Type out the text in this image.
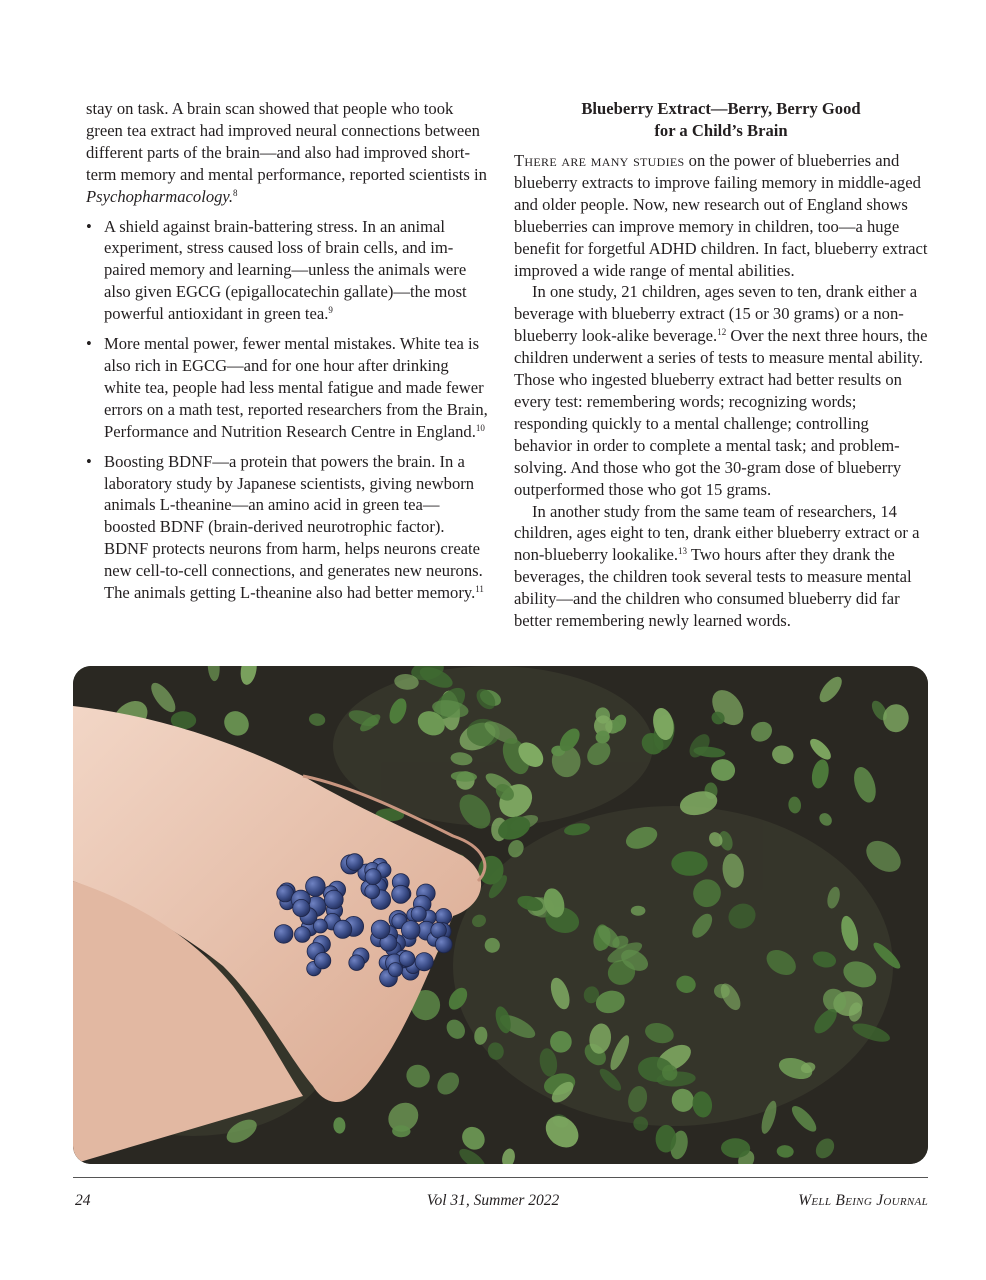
stay on task. A brain scan showed that people who took green tea extract had improved neural connections between different parts of the brain—and also had improved short-term memory and mental performance, reported scientists in Psychopharmacology.$^8$

• A shield against brain-battering stress. In an animal experiment, stress caused loss of brain cells, and impaired memory and learning—unless the animals were also given EGCG (epigallocatechin gallate)—the most powerful antioxidant in green tea.$^9$
• More mental power, fewer mental mistakes. White tea is also rich in EGCG—and for one hour after drinking white tea, people had less mental fatigue and made fewer errors on a math test, reported researchers from the Brain, Performance and Nutrition Research Centre in England.$^{10}$
• Boosting BDNF—a protein that powers the brain. In a laboratory study by Japanese scientists, giving newborn animals L-theanine—an amino acid in green tea—boosted BDNF (brain-derived neurotrophic factor). BDNF protects neurons from harm, helps neurons create new cell-to-cell connections, and generates new neurons. The animals getting L-theanine also had better memory.$^{11}$
Blueberry Extract—Berry, Berry Good
for a Child’s Brain

There are many studies on the power of blueberries and blueberry extracts to improve failing memory in middle-aged and older people. Now, new research out of England shows blueberries can improve memory in children, too—a huge benefit for forgetful ADHD children. In fact, blueberry extract improved a wide range of mental abilities.

In one study, 21 children, ages seven to ten, drank either a beverage with blueberry extract (15 or 30 grams) or a non-blueberry look-alike beverage.$^{12}$ Over the next three hours, the children underwent a series of tests to measure mental ability. Those who ingested blueberry extract had better results on every test: remembering words; recognizing words; responding quickly to a mental challenge; controlling behavior in order to complete a mental task; and problem-solving. And those who got the 30-gram dose of blueberry outperformed those who got 15 grams.

In another study from the same team of researchers, 14 children, ages eight to ten, drank either blueberry extract or a non-blueberry lookalike.$^{13}$ Two hours after they drank the beverages, the children took several tests to measure mental ability—and the children who consumed blueberry did far better remembering newly learned words.

24	Vol 31, Summer 2022	Well Being Journal
